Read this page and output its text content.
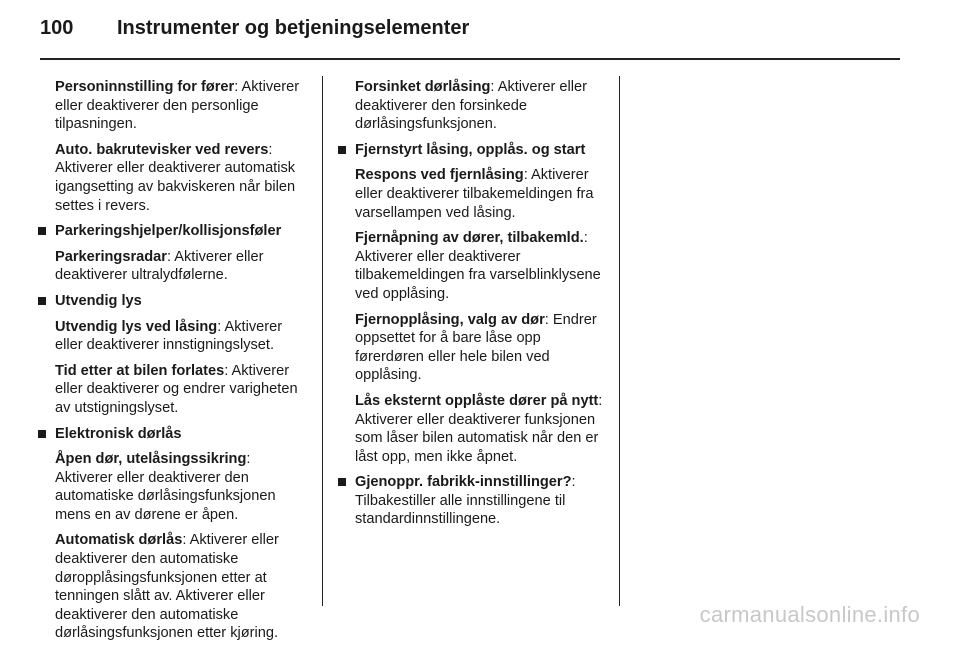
100 Instrumenter og betjeningselementer

Personinnstilling for fører: Aktiverer eller deaktiverer den personlige tilpasningen.

Auto. bakrutevisker ved revers: Aktiverer eller deaktiverer automatisk igangsetting av bakviskeren når bilen settes i revers.

Parkeringshjelper/kollisjonsføler

Parkeringsradar: Aktiverer eller deaktiverer ultralydfølerne.

Utvendig lys

Utvendig lys ved låsing: Aktiverer eller deaktiverer innstigningslyset.

Tid etter at bilen forlates: Aktiverer eller deaktiverer og endrer varigheten av utstigningslyset.

Elektronisk dørlås

Åpen dør, utelåsingssikring: Aktiverer eller deaktiverer den automatiske dørlåsingsfunksjonen mens en av dørene er åpen.

Automatisk dørlås: Aktiverer eller deaktiverer den automatiske døropplåsingsfunksjonen etter at tenningen slått av. Aktiverer eller deaktiverer den automatiske dørlåsingsfunksjonen etter kjøring.

Forsinket dørlåsing: Aktiverer eller deaktiverer den forsinkede dørlåsingsfunksjonen.

Fjernstyrt låsing, opplås. og start

Respons ved fjernlåsing: Aktiverer eller deaktiverer tilbakemeldingen fra varsellampen ved låsing.

Fjernåpning av dører, tilbakemld.: Aktiverer eller deaktiverer tilbakemeldingen fra varselblinklysene ved opplåsing.

Fjernopplåsing, valg av dør: Endrer oppsettet for å bare låse opp førerdøren eller hele bilen ved opplåsing.

Lås eksternt opplåste dører på nytt: Aktiverer eller deaktiverer funksjonen som låser bilen automatisk når den er låst opp, men ikke åpnet.

Gjenoppr. fabrikk-innstillinger?: Tilbakestiller alle innstillingene til standardinnstillingene.
carmanualsonline.info
